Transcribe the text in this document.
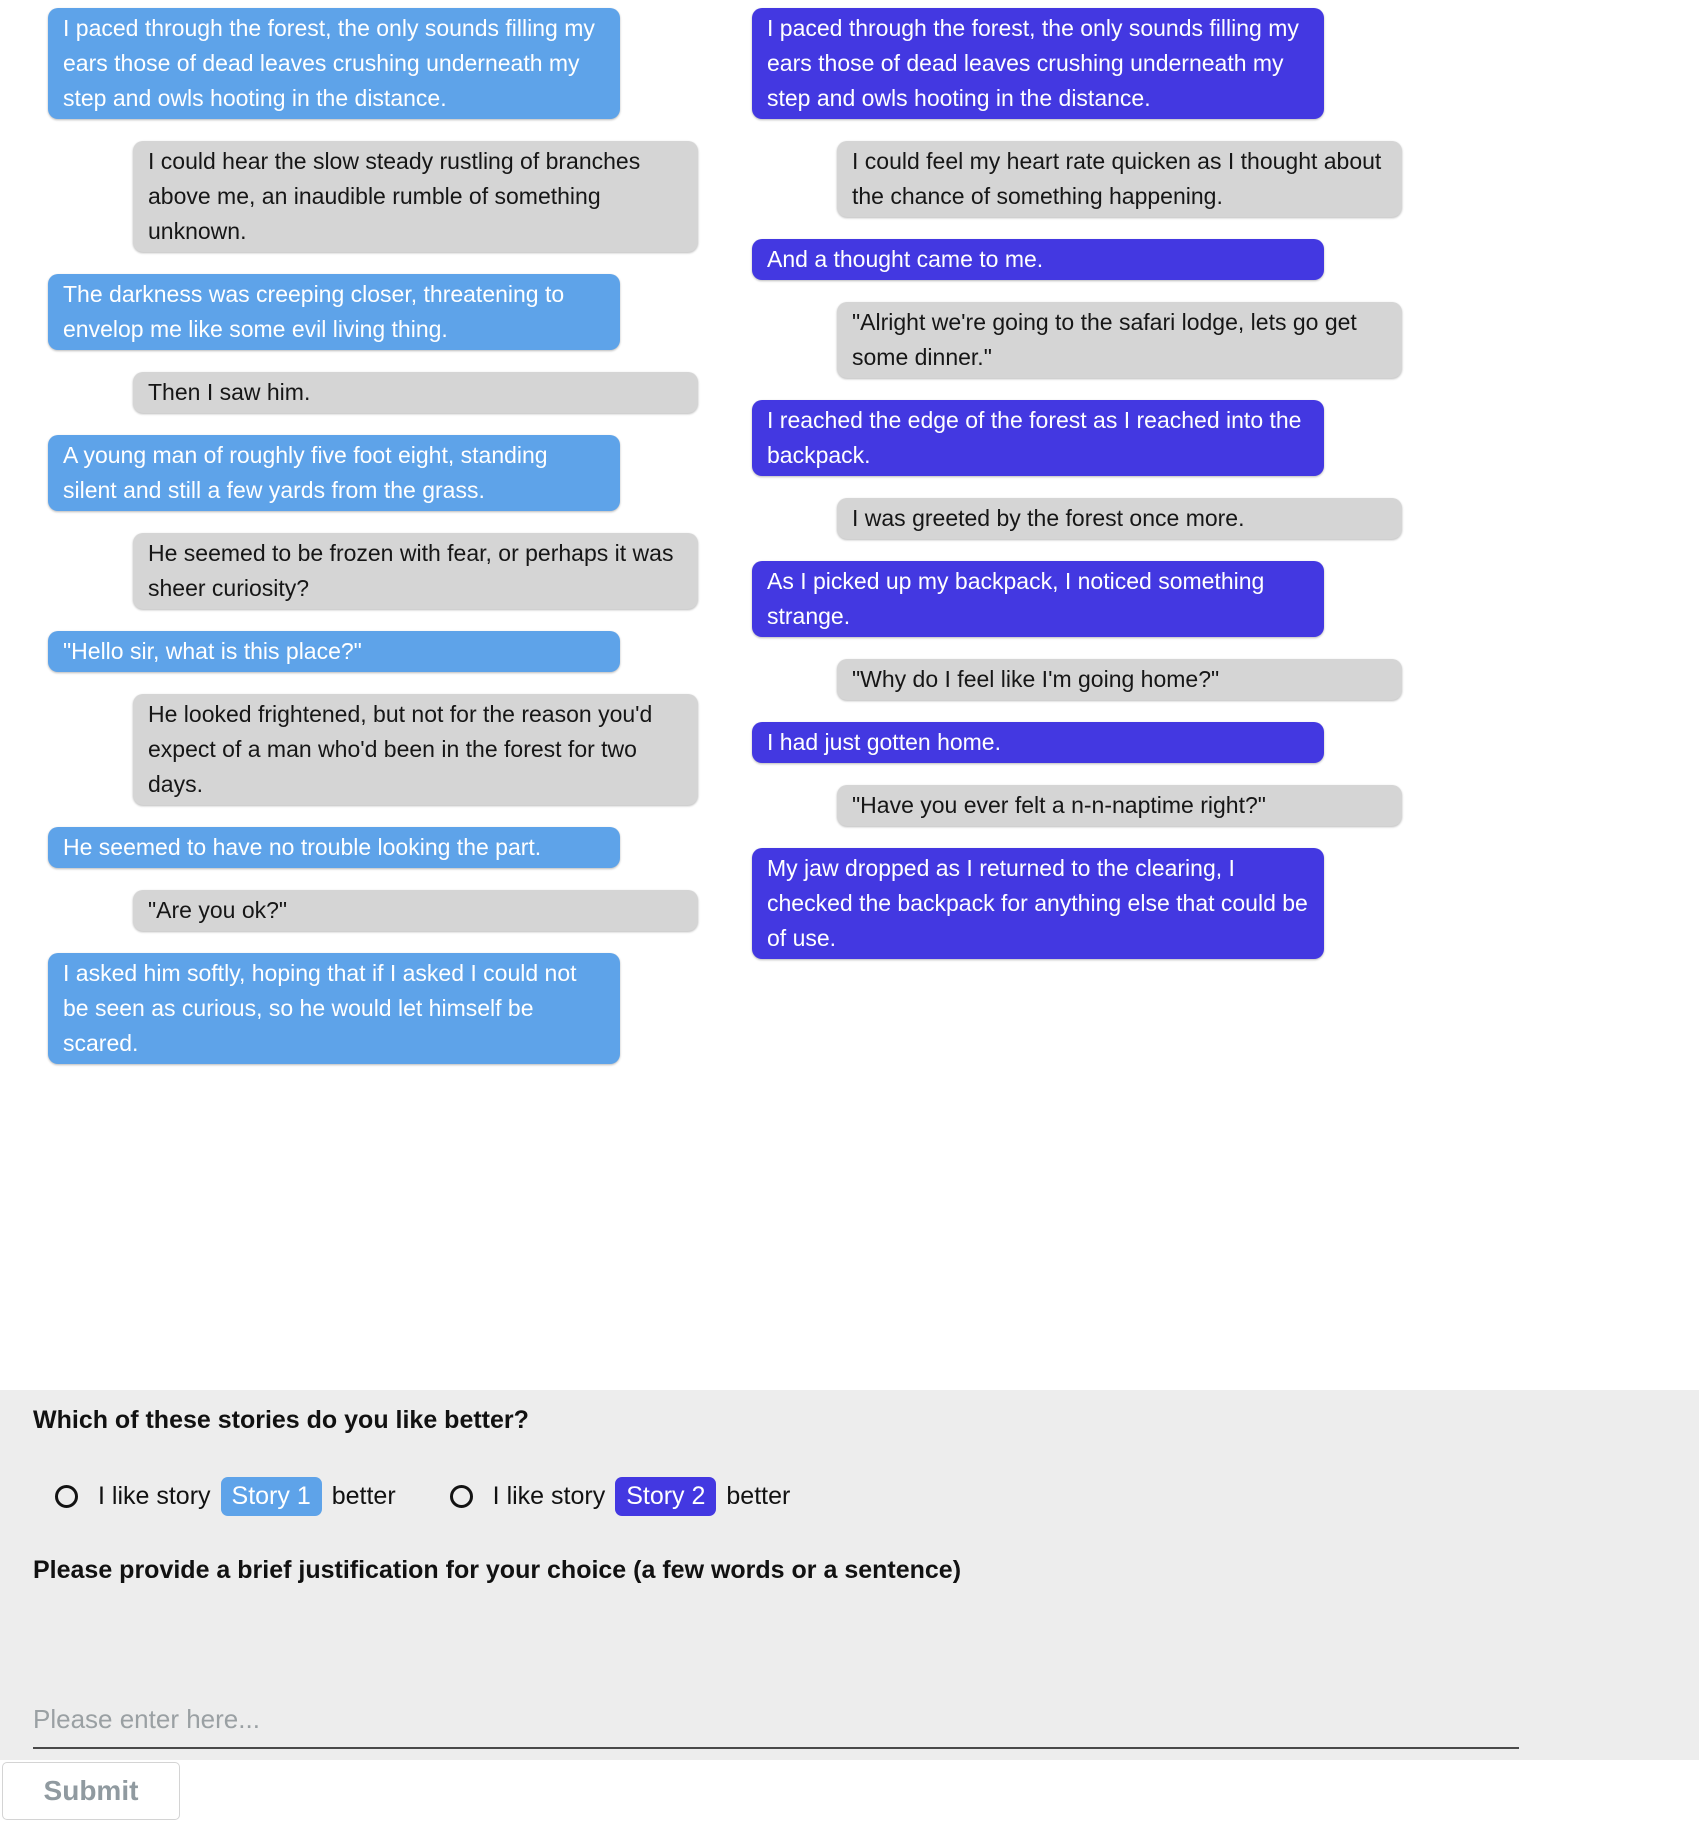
I paced through the forest, the only sounds filling my ears those of dead leaves crushing underneath my step and owls hooting in the distance.
I could hear the slow steady rustling of branches above me, an inaudible rumble of something unknown.
The darkness was creeping closer, threatening to envelop me like some evil living thing.
Then I saw him.
A young man of roughly five foot eight, standing silent and still a few yards from the grass.
He seemed to be frozen with fear, or perhaps it was sheer curiosity?
"Hello sir, what is this place?"
He looked frightened, but not for the reason you'd expect of a man who'd been in the forest for two days.
He seemed to have no trouble looking the part.
"Are you ok?"
I asked him softly, hoping that if I asked I could not be seen as curious, so he would let himself be scared.
I paced through the forest, the only sounds filling my ears those of dead leaves crushing underneath my step and owls hooting in the distance.
I could feel my heart rate quicken as I thought about the chance of something happening.
And a thought came to me.
"Alright we're going to the safari lodge, lets go get some dinner."
I reached the edge of the forest as I reached into the backpack.
I was greeted by the forest once more.
As I picked up my backpack, I noticed something strange.
"Why do I feel like I'm going home?"
I had just gotten home.
"Have you ever felt a n-n-naptime right?"
My jaw dropped as I returned to the clearing, I checked the backpack for anything else that could be of use.
Which of these stories do you like better?
I like story Story 1 better	I like story Story 2 better
Please provide a brief justification for your choice (a few words or a sentence)
Please enter here...
Submit
